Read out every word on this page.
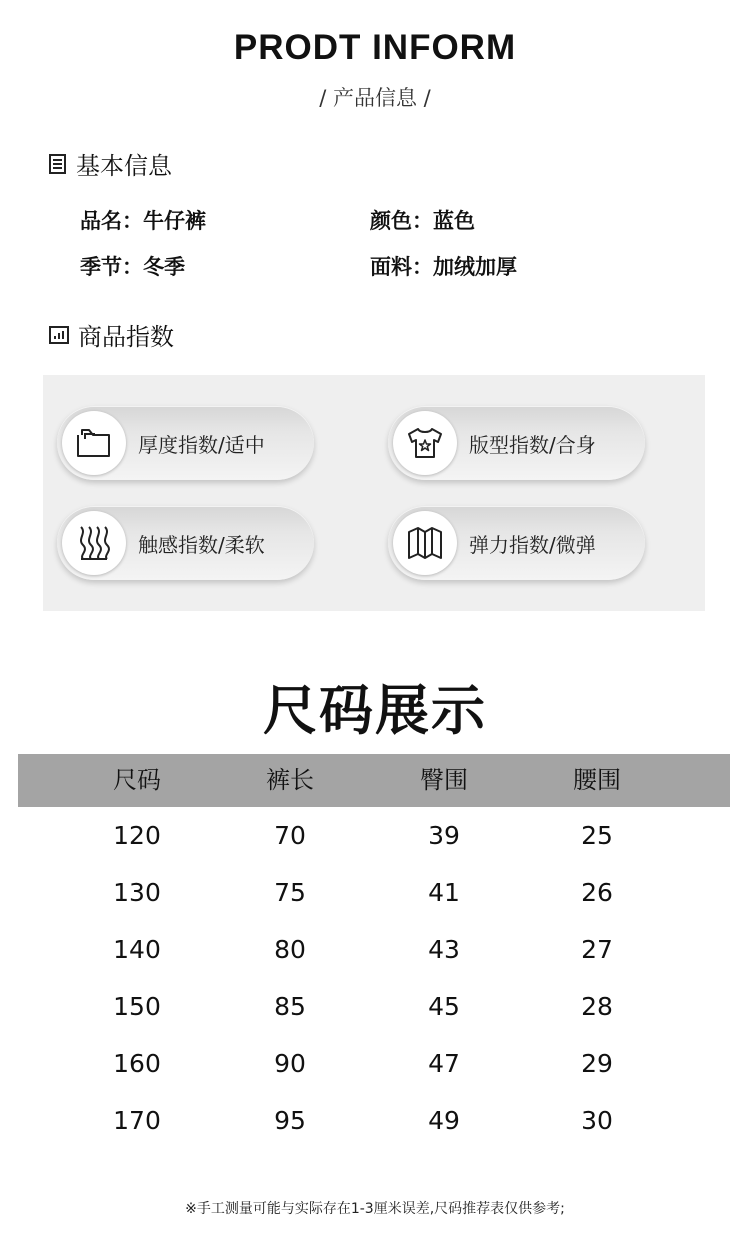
PRODT INFORM
/ 产品信息 /
基本信息
品名：牛仔裤	颜色：蓝色
季节：冬季	面料：加绒加厚
商品指数
厚度指数/适中	版型指数/合身
触感指数/柔软	弹力指数/微弹
尺码展示
尺码	裤长	臀围	腰围
120	70	39	25
130	75	41	26
140	80	43	27
150	85	45	28
160	90	47	29
170	95	49	30
※手工测量可能与实际存在1-3厘米误差,尺码推荐表仅供参考;
